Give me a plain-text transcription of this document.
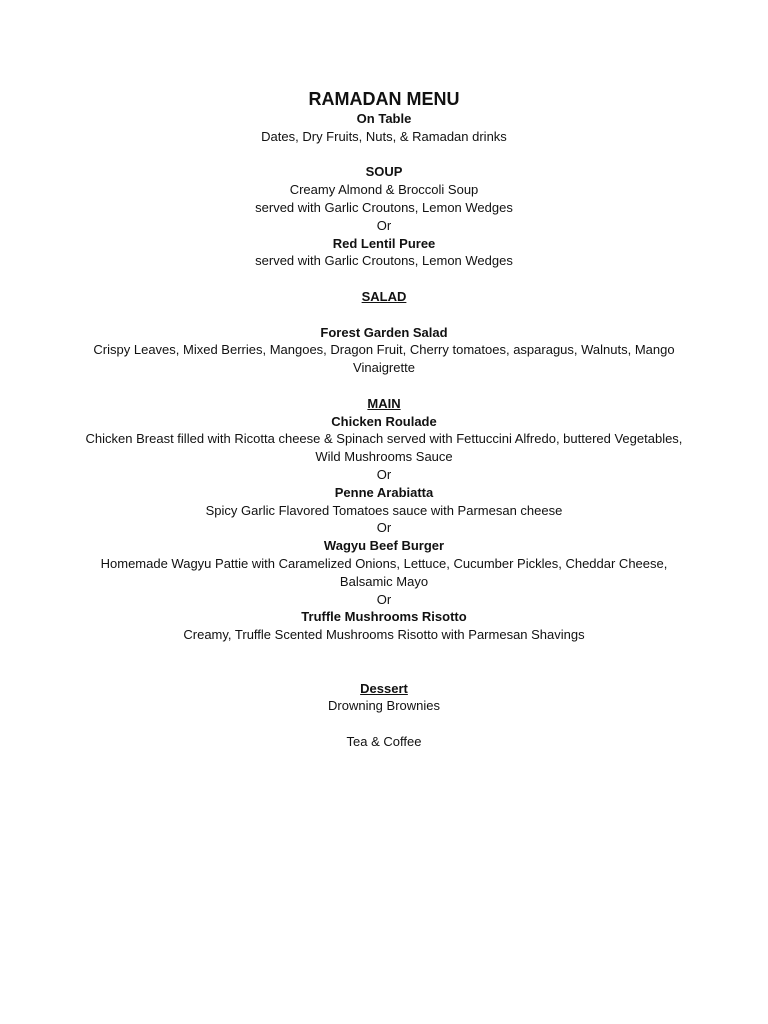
RAMADAN MENU
On Table
Dates, Dry Fruits, Nuts, & Ramadan drinks
SOUP
Creamy Almond & Broccoli Soup
served with Garlic Croutons, Lemon Wedges
Or
Red Lentil Puree
served with Garlic Croutons, Lemon Wedges
SALAD
Forest Garden Salad
Crispy Leaves, Mixed Berries, Mangoes, Dragon Fruit, Cherry tomatoes, asparagus, Walnuts, Mango Vinaigrette
MAIN
Chicken Roulade
Chicken Breast filled with Ricotta cheese & Spinach served with Fettuccini Alfredo, buttered Vegetables, Wild Mushrooms Sauce
Or
Penne Arabiatta
Spicy Garlic Flavored Tomatoes sauce with Parmesan cheese
Or
Wagyu Beef Burger
Homemade Wagyu Pattie with Caramelized Onions, Lettuce, Cucumber Pickles, Cheddar Cheese, Balsamic Mayo
Or
Truffle Mushrooms Risotto
Creamy, Truffle Scented Mushrooms Risotto with Parmesan Shavings
Dessert
Drowning Brownies
Tea & Coffee
